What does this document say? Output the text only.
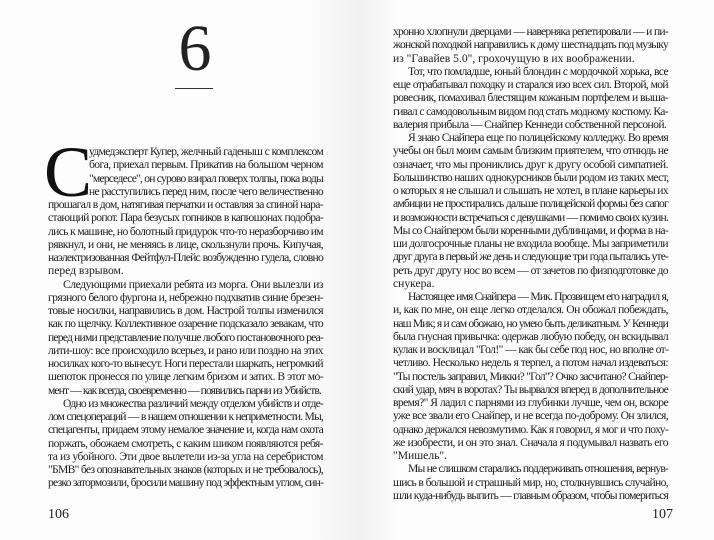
6
С
удмедэксперт Купер, желчный гаденыш с комплексом
бога, приехал первым. Прикатив на большом черном
"мерседесе", он сурово взирал поверх толпы, пока воды
не расступились перед ним, после чего величественно
прошагал в дом, натягивая перчатки и оставляя за спиной нара-
стающий ропот. Пара безусых гопников в капюшонах подобра-
лись к машине, но болотный придурок что-то неразборчиво им
рявкнул, и они, не меняясь в лице, скользнули прочь. Кипучая,
наэлектризованная Фейтфул-Плейс возбужденно гудела, словно
перед взрывом.
Следующими приехали ребята из морга. Они вылезли из
грязного белого фургона и, небрежно подхватив синие брезен-
товые носилки, направились в дом. Настрой толпы изменился
как по щелчку. Коллективное озарение подсказало зевакам, что
перед ними представление получше любого постановочного реа-
лити-шоу: все происходило всерьез, и рано или поздно на этих
носилках кого-то вынесут. Ноги перестали шаркать, негромкий
шепоток пронесся по улице легким бризом и затих. В этот мо-
мент — как всегда, своевременно — появились парни из Убийств.
Одно из множества различий между отделом убийств и отде-
лом спецопераций — в нашем отношении к неприметности. Мы,
спецагенты, придаем этому немалое значение и, когда нам охота
поржать, обожаем смотреть, с каким шиком появляются ребя-
та из убойного. Эти двое вылетели из-за угла на серебристом
"БМВ" без опознавательных знаков (которых и не требовалось),
резко затормозили, бросили машину под эффектным углом, син-
106
хронно хлопнули дверцами — наверняка репетировали — и пи-
жонской походкой направились к дому шестнадцать под музыку
из "Гавайев 5.0", грохочущую в их воображении.
Тот, что помладше, юный блондин с мордочкой хорька, все
еще отрабатывал походку и старался изо всех сил. Второй, мой
ровесник, помахивал блестящим кожаным портфелем и выша-
гивал с самодовольным видом под стать модному костюму. Ка-
валерия прибыла — Снайпер Кеннеди собственной персоной.
Я знаю Снайпера еще по полицейскому колледжу. Во время
учебы он был моим самым близким приятелем, что отнюдь не
означает, что мы прониклись друг к другу особой симпатией.
Большинство наших однокурсников были родом из таких мест,
о которых я не слышал и слышать не хотел, в плане карьеры их
амбиции не простирались дальше полицейской формы без сапог
и возможности встречаться с девушками — помимо своих кузин.
Мы со Снайпером были коренными дублинцами, и форма в на-
ши долгосрочные планы не входила вообще. Мы заприметили
друг друга в первый же день и следующие три года пытались уте-
реть друг другу нос во всем — от зачетов по физподготовке до
снукера.
Настоящее имя Снайпера — Мик. Прозвищем его наградил я,
и, как по мне, он еще легко отделался. Он обожал побеждать,
наш Мик; я и сам обожаю, но умею быть деликатным. У Кеннеди
была гнусная привычка: одержав любую победу, он вскидывал
кулак и восклицал "Гол!" — как бы себе под нос, но вполне от-
четливо. Несколько недель я терпел, а потом начал издеваться:
"Ты постель заправил, Микки? "Гол"? Очко засчитано? Снайпер-
ский удар, мяч в воротах? Ты вырвался вперед в дополнительное
время?" Я ладил с парнями из глубинки лучше, чем он, вскоре
уже все звали его Снайпер, и не всегда по-доброму. Он злился,
однако держался невозмутимо. Как я говорил, я мог и что поху-
же изобрести, и он это знал. Сначала я подумывал назвать его
"Мишель".
Мы не слишком старались поддерживать отношения, вернув-
шись в большой и страшный мир, но, столкнувшись случайно,
шли куда-нибудь выпить — главным образом, чтобы помериться
107
